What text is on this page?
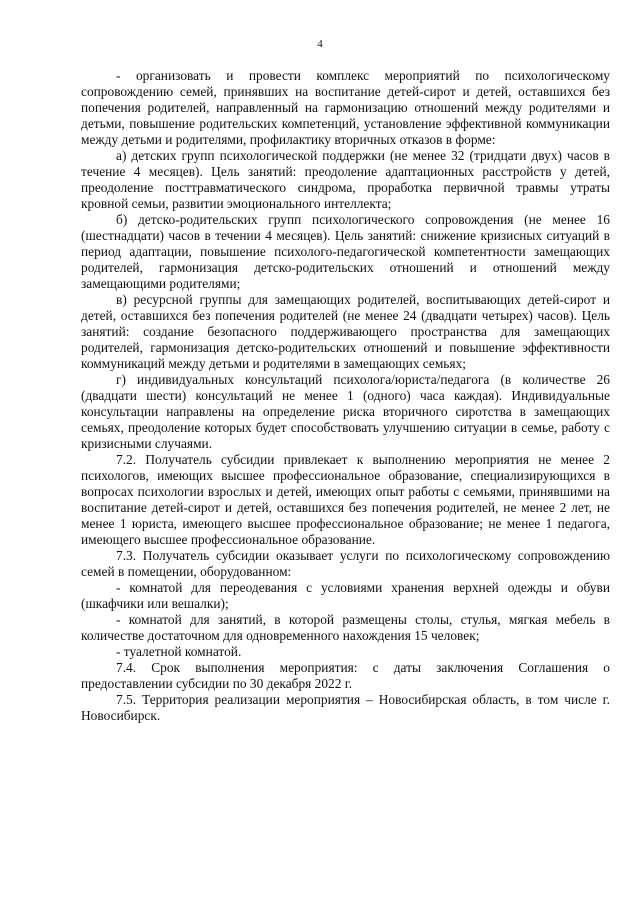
4

- организовать и провести комплекс мероприятий по психологическому сопровождению семей, принявших на воспитание детей-сирот и детей, оставшихся без попечения родителей, направленный на гармонизацию отношений между родителями и детьми, повышение родительских компетенций, установление эффективной коммуникации между детьми и родителями, профилактику вторичных отказов в форме:

а) детских групп психологической поддержки (не менее 32 (тридцати двух) часов в течение 4 месяцев). Цель занятий: преодоление адаптационных расстройств у детей, преодоление посттравматического синдрома, проработка первичной травмы утраты кровной семьи, развитии эмоционального интеллекта;

б) детско-родительских групп психологического сопровождения (не менее 16 (шестнадцати) часов в течении 4 месяцев). Цель занятий: снижение кризисных ситуаций в период адаптации, повышение психолого-педагогической компетентности замещающих родителей, гармонизация детско-родительских отношений и отношений между замещающими родителями;

в) ресурсной группы для замещающих родителей, воспитывающих детей-сирот и детей, оставшихся без попечения родителей (не менее 24 (двадцати четырех) часов). Цель занятий: создание безопасного поддерживающего пространства для замещающих родителей, гармонизация детско-родительских отношений и повышение эффективности коммуникаций между детьми и родителями в замещающих семьях;

г) индивидуальных консультаций психолога/юриста/педагога (в количестве 26 (двадцати шести) консультаций не менее 1 (одного) часа каждая). Индивидуальные консультации направлены на определение риска вторичного сиротства в замещающих семьях, преодоление которых будет способствовать улучшению ситуации в семье, работу с кризисными случаями.

7.2. Получатель субсидии привлекает к выполнению мероприятия не менее 2 психологов, имеющих высшее профессиональное образование, специализирующихся в вопросах психологии взрослых и детей, имеющих опыт работы с семьями, принявшими на воспитание детей-сирот и детей, оставшихся без попечения родителей, не менее 2 лет, не менее 1 юриста, имеющего высшее профессиональное образование; не менее 1 педагога, имеющего высшее профессиональное образование.

7.3. Получатель субсидии оказывает услуги по психологическому сопровождению семей в помещении, оборудованном:

- комнатой для переодевания с условиями хранения верхней одежды и обуви (шкафчики или вешалки);

- комнатой для занятий, в которой размещены столы, стулья, мягкая мебель в количестве достаточном для одновременного нахождения 15 человек;

- туалетной комнатой.

7.4. Срок выполнения мероприятия: с даты заключения Соглашения о предоставлении субсидии по 30 декабря 2022 г.

7.5. Территория реализации мероприятия – Новосибирская область, в том числе г. Новосибирск.
